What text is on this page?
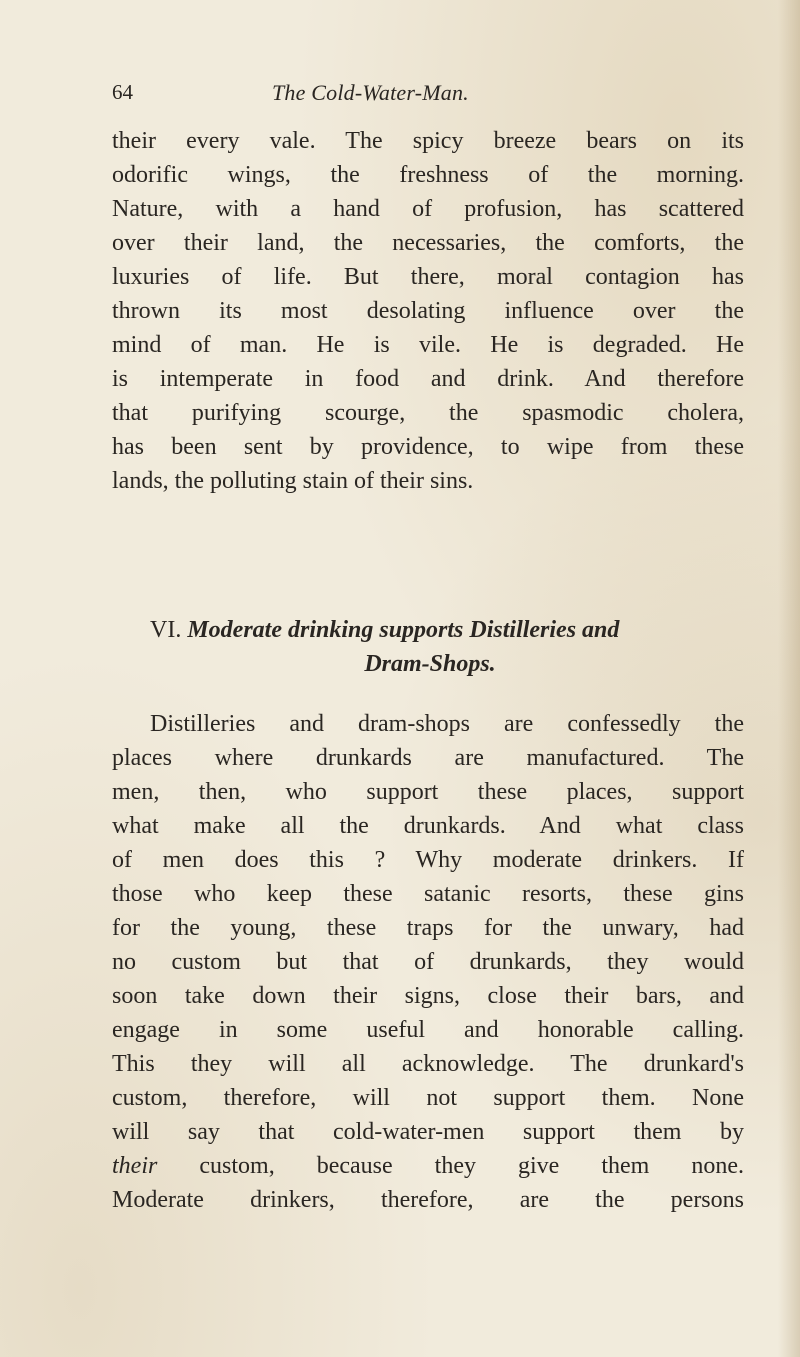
64	The Cold-Water-Man.
their every vale. The spicy breeze bears on its
odorific wings, the freshness of the morning.
Nature, with a hand of profusion, has scattered
over their land, the necessaries, the comforts, the
luxuries of life. But there, moral contagion has
thrown its most desolating influence over the
mind of man. He is vile. He is degraded. He
is intemperate in food and drink. And therefore
that purifying scourge, the spasmodic cholera,
has been sent by providence, to wipe from these
lands, the polluting stain of their sins.
VI. Moderate drinking supports Distilleries and
Dram-Shops.
Distilleries and dram-shops are confessedly the
places where drunkards are manufactured. The
men, then, who support these places, support
what make all the drunkards. And what class
of men does this ? Why moderate drinkers. If
those who keep these satanic resorts, these gins
for the young, these traps for the unwary, had
no custom but that of drunkards, they would
soon take down their signs, close their bars, and
engage in some useful and honorable calling.
This they will all acknowledge. The drunkard's
custom, therefore, will not support them. None
will say that cold-water-men support them by
their custom, because they give them none.
Moderate drinkers, therefore, are the persons
